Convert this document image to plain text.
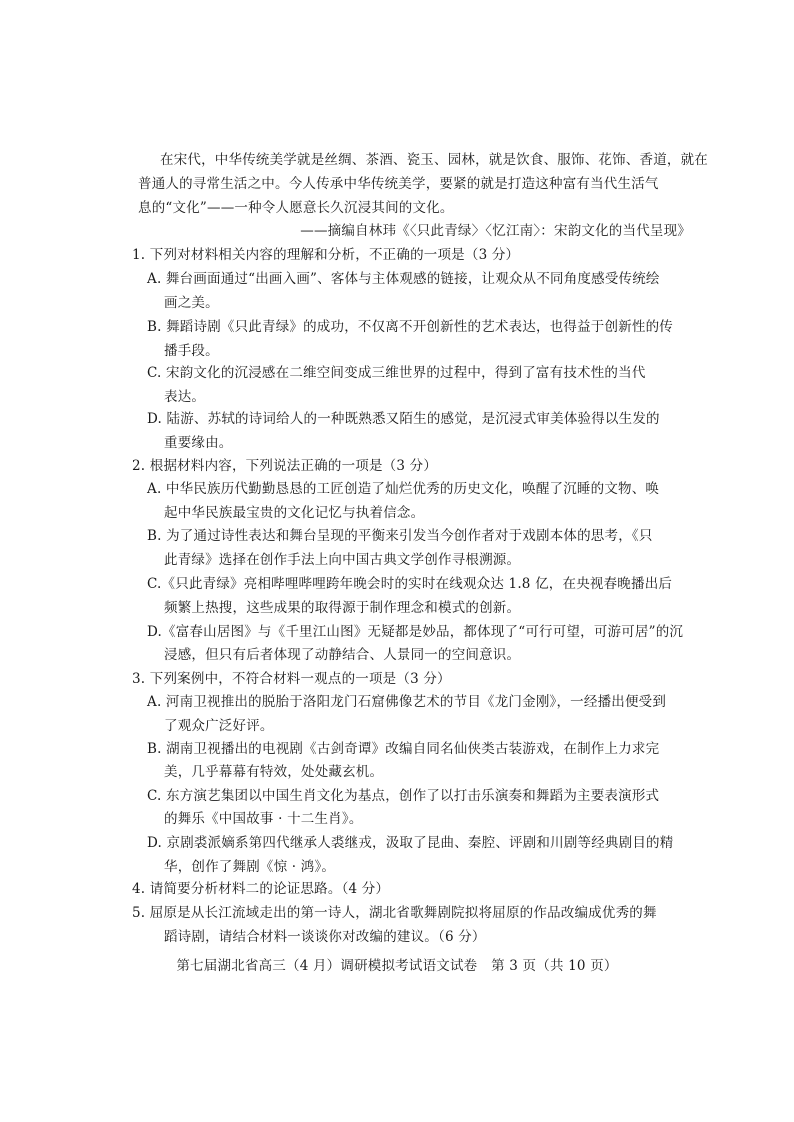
在宋代，中华传统美学就是丝绸、茶酒、瓷玉、园林，就是饮食、服饰、花饰、香道，就在
普通人的寻常生活之中。今人传承中华传统美学，要紧的就是打造这种富有当代生活气
息的“文化”——一种令人愿意长久沉浸其间的文化。
——摘编自林玮《〈只此青绿〉〈忆江南〉：宋韵文化的当代呈现》
1. 下列对材料相关内容的理解和分析，不正确的一项是（3 分）
A. 舞台画面通过“出画入画”、客体与主体观感的链接，让观众从不同角度感受传统绘
画之美。
B. 舞蹈诗剧《只此青绿》的成功，不仅离不开创新性的艺术表达，也得益于创新性的传
播手段。
C. 宋韵文化的沉浸感在二维空间变成三维世界的过程中，得到了富有技术性的当代
表达。
D. 陆游、苏轼的诗词给人的一种既熟悉又陌生的感觉，是沉浸式审美体验得以生发的
重要缘由。
2. 根据材料内容，下列说法正确的一项是（3 分）
A. 中华民族历代勤勤恳恳的工匠创造了灿烂优秀的历史文化，唤醒了沉睡的文物、唤
起中华民族最宝贵的文化记忆与执着信念。
B. 为了通过诗性表达和舞台呈现的平衡来引发当今创作者对于戏剧本体的思考，《只
此青绿》选择在创作手法上向中国古典文学创作寻根溯源。
C.《只此青绿》亮相哔哩哔哩跨年晚会时的实时在线观众达 1.8 亿，在央视春晚播出后
频繁上热搜，这些成果的取得源于制作理念和模式的创新。
D.《富春山居图》与《千里江山图》无疑都是妙品，都体现了“可行可望，可游可居”的沉
浸感，但只有后者体现了动静结合、人景同一的空间意识。
3. 下列案例中，不符合材料一观点的一项是（3 分）
A. 河南卫视推出的脱胎于洛阳龙门石窟佛像艺术的节目《龙门金刚》，一经播出便受到
了观众广泛好评。
B. 湖南卫视播出的电视剧《古剑奇谭》改编自同名仙侠类古装游戏，在制作上力求完
美，几乎幕幕有特效，处处藏玄机。
C. 东方演艺集团以中国生肖文化为基点，创作了以打击乐演奏和舞蹈为主要表演形式
的舞乐《中国故事 · 十二生肖》。
D. 京剧裘派嫡系第四代继承人裘继戎，汲取了昆曲、秦腔、评剧和川剧等经典剧目的精
华，创作了舞剧《惊 · 鸿》。
4. 请简要分析材料二的论证思路。（4 分）
5. 屈原是从长江流域走出的第一诗人，湖北省歌舞剧院拟将屈原的作品改编成优秀的舞
蹈诗剧，请结合材料一谈谈你对改编的建议。（6 分）
第七届湖北省高三（4 月）调研模拟考试语文试卷　第 3 页（共 10 页）
